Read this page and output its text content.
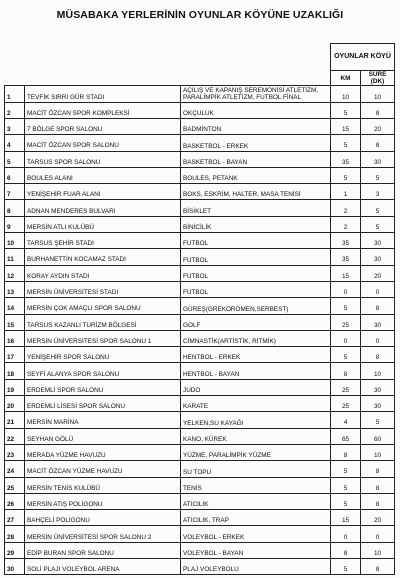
MÜSABAKA YERLERİNİN OYUNLAR KÖYÜNE UZAKLIĞI
			OYUNLAR KÖYÜ	
			KM	SÜRE (DK)
1	TEVFİK SIRRI GÜR STADI	AÇILIŞ VE KAPANIŞ SEREMONİSİ ATLETİZM, PARALİMPİK ATLETİZM, FUTBOL FİNAL	10	10
2	MACİT ÖZCAN SPOR KOMPLEKSİ	OKÇULUK	5	8
3	7 BÖLGE SPOR SALONU	BADMİNTON	15	20
4	MACİT ÖZCAN SPOR SALONU	BASKETBOL - ERKEK	5	8
5	TARSUS SPOR SALONU	BASKETBOL - BAYAN	35	30
6	BOULES ALANI	BOULES, PETANK	5	5
7	YENİŞEHİR FUAR ALANI	BOKS, ESKRİM, HALTER, MASA TENİSİ	1	3
8	ADNAN MENDERES BULVARI	BİSİKLET	2	5
9	MERSİN ATLI KULÜBÜ	BİNİCİLİK	2	5
10	TARSUS ŞEHİR STADI	FUTBOL	35	30
11	BURHANETTİN KOCAMAZ STADI	FUTBOL	35	30
12	KORAY AYDIN STADI	FUTBOL	15	20
13	MERSİN ÜNİVERSİTESİ STADI	FUTBOL	0	0
14	MERSİN ÇOK AMAÇLI SPOR SALONU	GÜREŞ(GREKOROMEN,SERBEST)	5	8
15	TARSUS KAZANLI TURİZM BÖLGESİ	GOLF	25	30
16	MERSİN ÜNİVERSİTESİ SPOR SALONU 1	CİMNASTİK(ARTİSTİK, RİTMİK)	0	0
17	YENİŞEHİR SPOR SALONU	HENTBOL - ERKEK	5	8
18	SEYFİ ALANYA SPOR SALONU	HENTBOL - BAYAN	8	10
19	ERDEMLİ SPOR SALONU	JUDO	25	30
20	ERDEMLİ LİSESİ SPOR SALONU	KARATE	25	30
21	MERSİN MARİNA	YELKEN,SU KAYAĞI	4	5
22	SEYHAN GÖLÜ	KANO, KÜREK	65	60
23	MERADA YÜZME HAVUZU	YÜZME, PARALİMPİK YÜZME	8	10
24	MACİT ÖZCAN YÜZME HAVUZU	SU TOPU	5	8
25	MERSİN TENİS KULÜBÜ	TENİS	5	8
26	MERSİN ATIŞ POLİGONU	ATICILIK	5	8
27	BAHÇELİ POLİGONU	ATICILIK, TRAP	15	20
28	MERSİN ÜNİVERSİTESİ SPOR SALONU 2	VOLEYBOL - ERKEK	0	0
29	EDİP BURAN SPOR SALONU	VOLEYBOL - BAYAN	8	10
30	SOLİ PLAJI VOLEYBOL ARENA	PLAJ VOLEYBOLU	5	8
